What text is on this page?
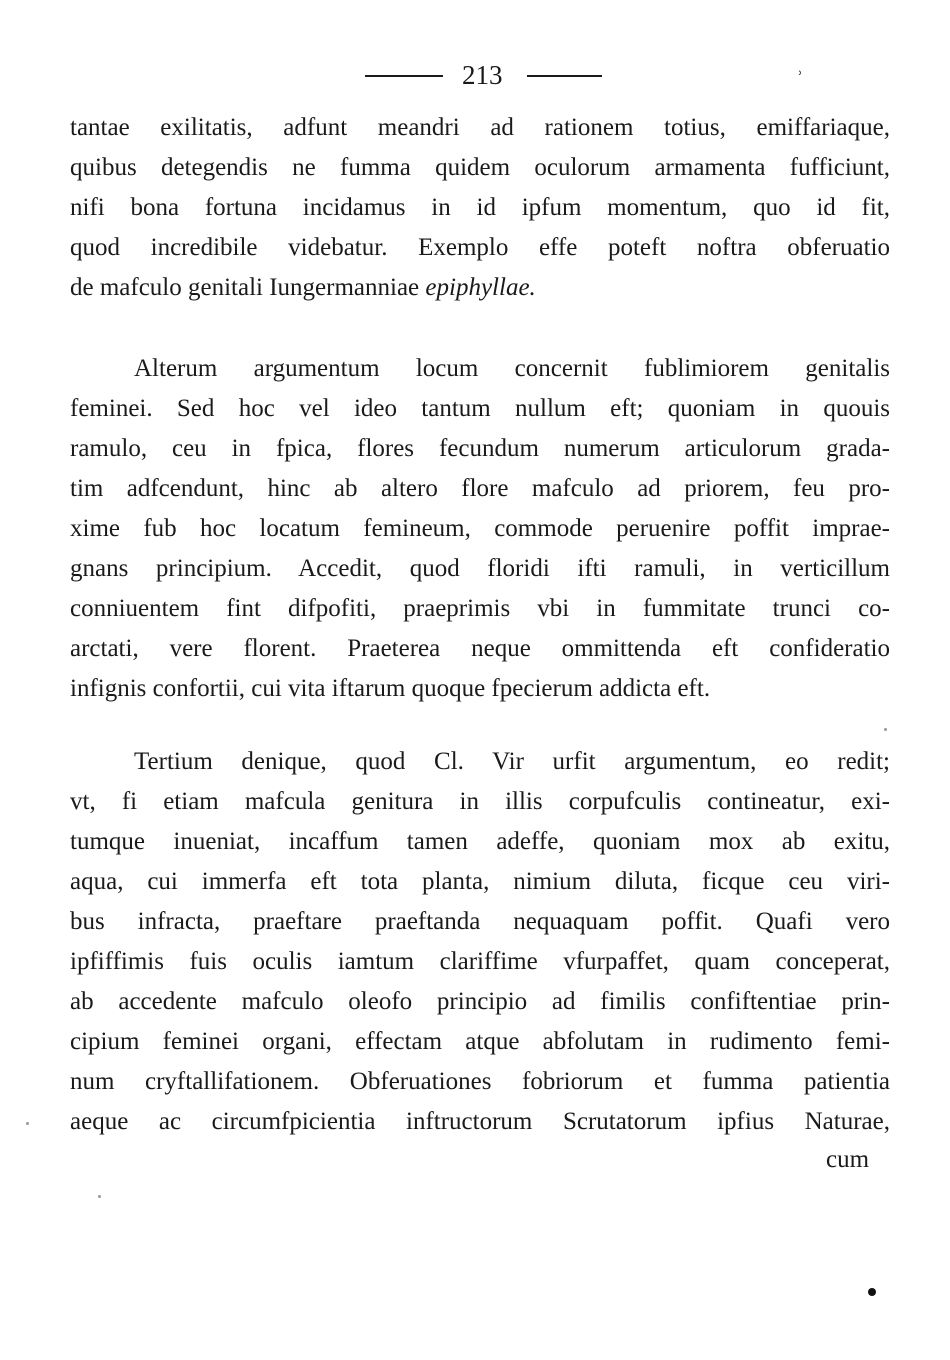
213	ʾ
tantae exilitatis, adfunt meandri ad rationem totius, emiffariaque,
quibus detegendis ne fumma quidem oculorum armamenta fufficiunt,
nifi bona fortuna incidamus in id ipfum momentum, quo id fit,
quod incredibile videbatur. Exemplo effe poteft noftra obferuatio
de mafculo genitali Iungermanniae epiphyllae.
Alterum argumentum locum concernit fublimiorem genitalis
feminei. Sed hoc vel ideo tantum nullum eft; quoniam in quouis
ramulo, ceu in fpica, flores fecundum numerum articulorum grada-
tim adfcendunt, hinc ab altero flore mafculo ad priorem, feu pro-
xime fub hoc locatum femineum, commode peruenire poffit imprae-
gnans principium. Accedit, quod floridi ifti ramuli, in verticillum
conniuentem fint difpofiti, praeprimis vbi in fummitate trunci co-
arctati, vere florent. Praeterea neque ommittenda eft confideratio
infignis confortii, cui vita iftarum quoque fpecierum addicta eft.
Tertium denique, quod Cl. Vir urfit argumentum, eo redit;
vt, fi etiam mafcula genitura in illis corpufculis contineatur, exi-
tumque inueniat, incaffum tamen adeffe, quoniam mox ab exitu,
aqua, cui immerfa eft tota planta, nimium diluta, ficque ceu viri-
bus infracta, praeftare praeftanda nequaquam poffit. Quafi vero
ipfiffimis fuis oculis iamtum clariffime vfurpaffet, quam conceperat,
ab accedente mafculo oleofo principio ad fimilis confiftentiae prin-
cipium feminei organi, effectam atque abfolutam in rudimento femi-
num cryftallifationem. Obferuationes fobriorum et fumma patientia
aeque ac circumfpicientia inftructorum Scrutatorum ipfius Naturae,
cum
